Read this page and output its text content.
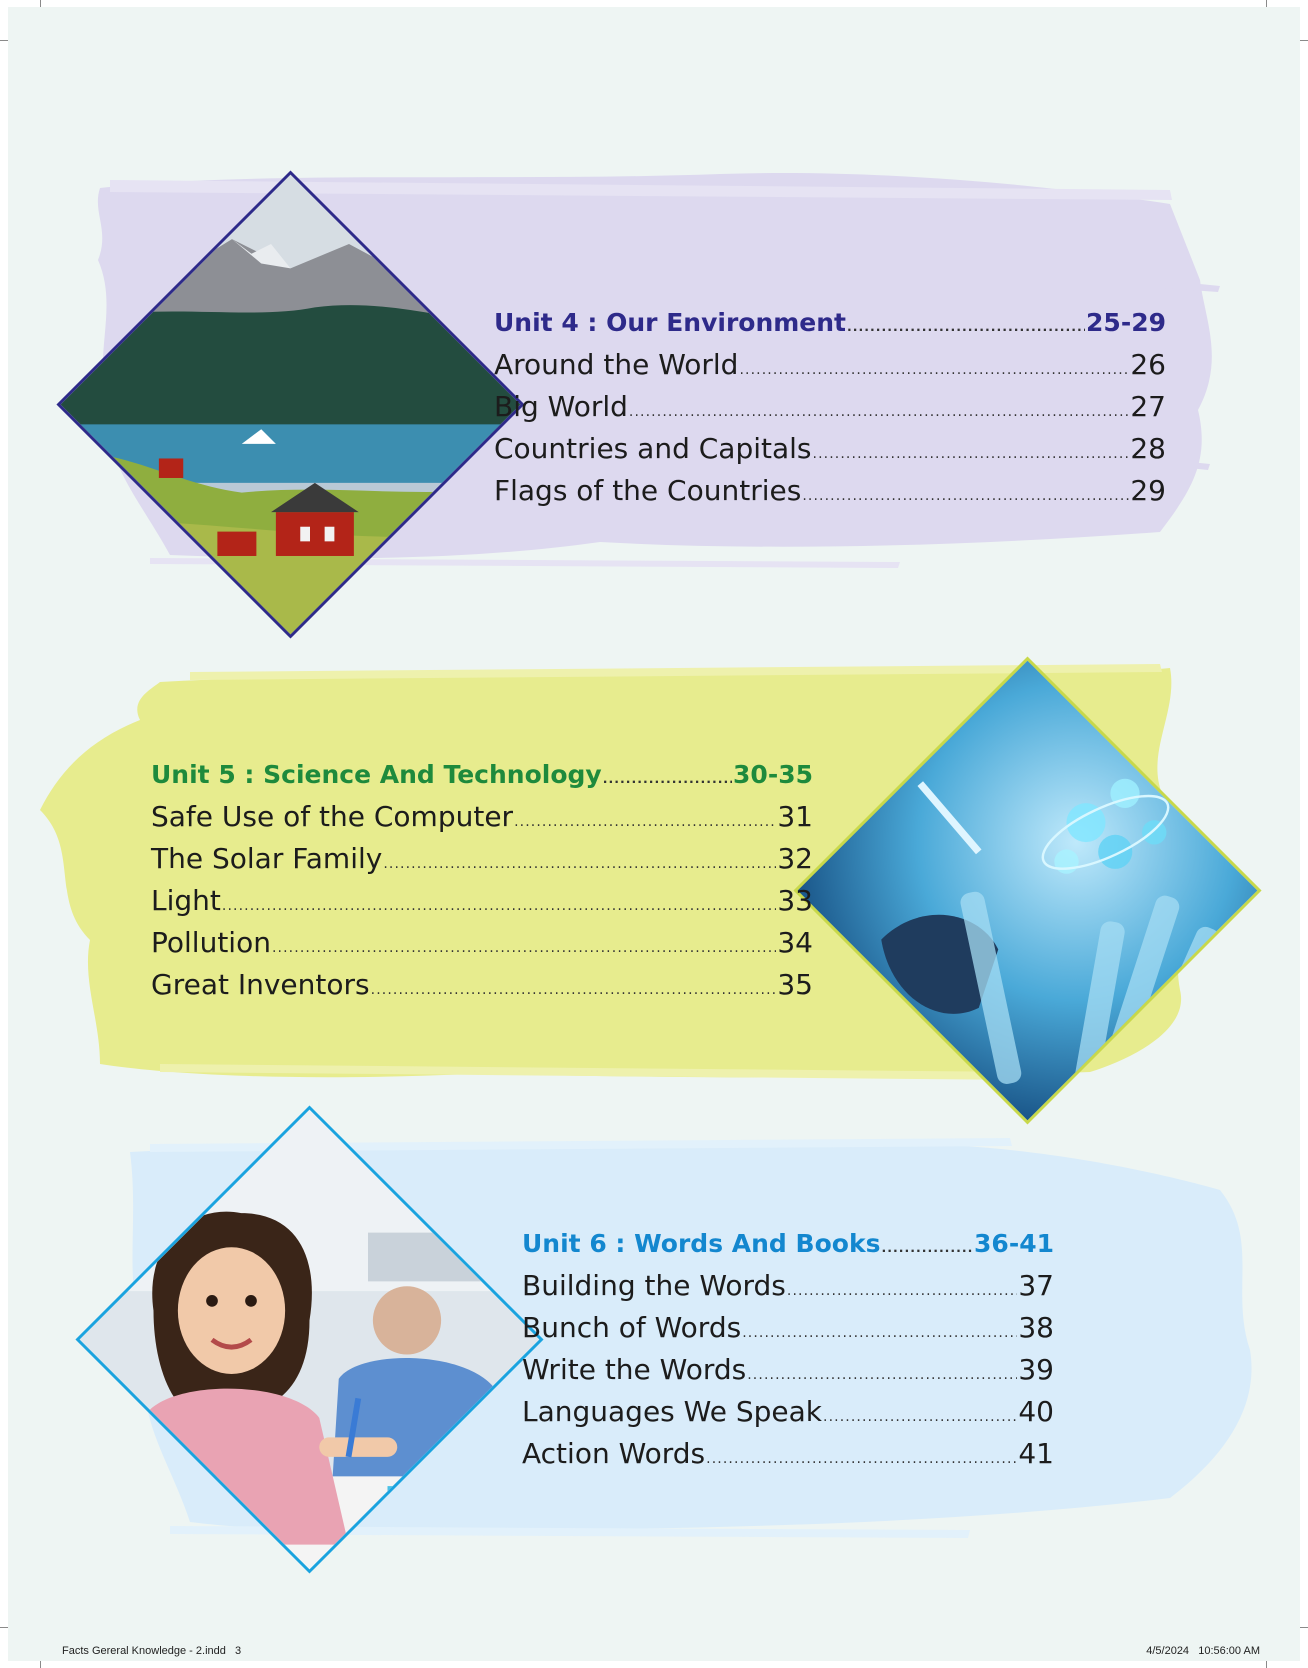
Unit 4 : Our Environment .....	25-29
Around the World .....	26
Big World .....	27
Countries and Capitals .....	28
Flags of the Countries .....	29
Unit 5 : Science And Technology .....	30-35
Safe Use of the Computer .....	31
The Solar Family .....	32
Light .....	33
Pollution .....	34
Great Inventors .....	35
Unit 6 : Words And Books .....	36-41
Building the Words .....	37
Bunch of Words .....	38
Write the Words .....	39
Languages We Speak .....	40
Action Words .....	41
Facts Gereral Knowledge - 2.indd   3	4/5/2024   10:56:00 AM
